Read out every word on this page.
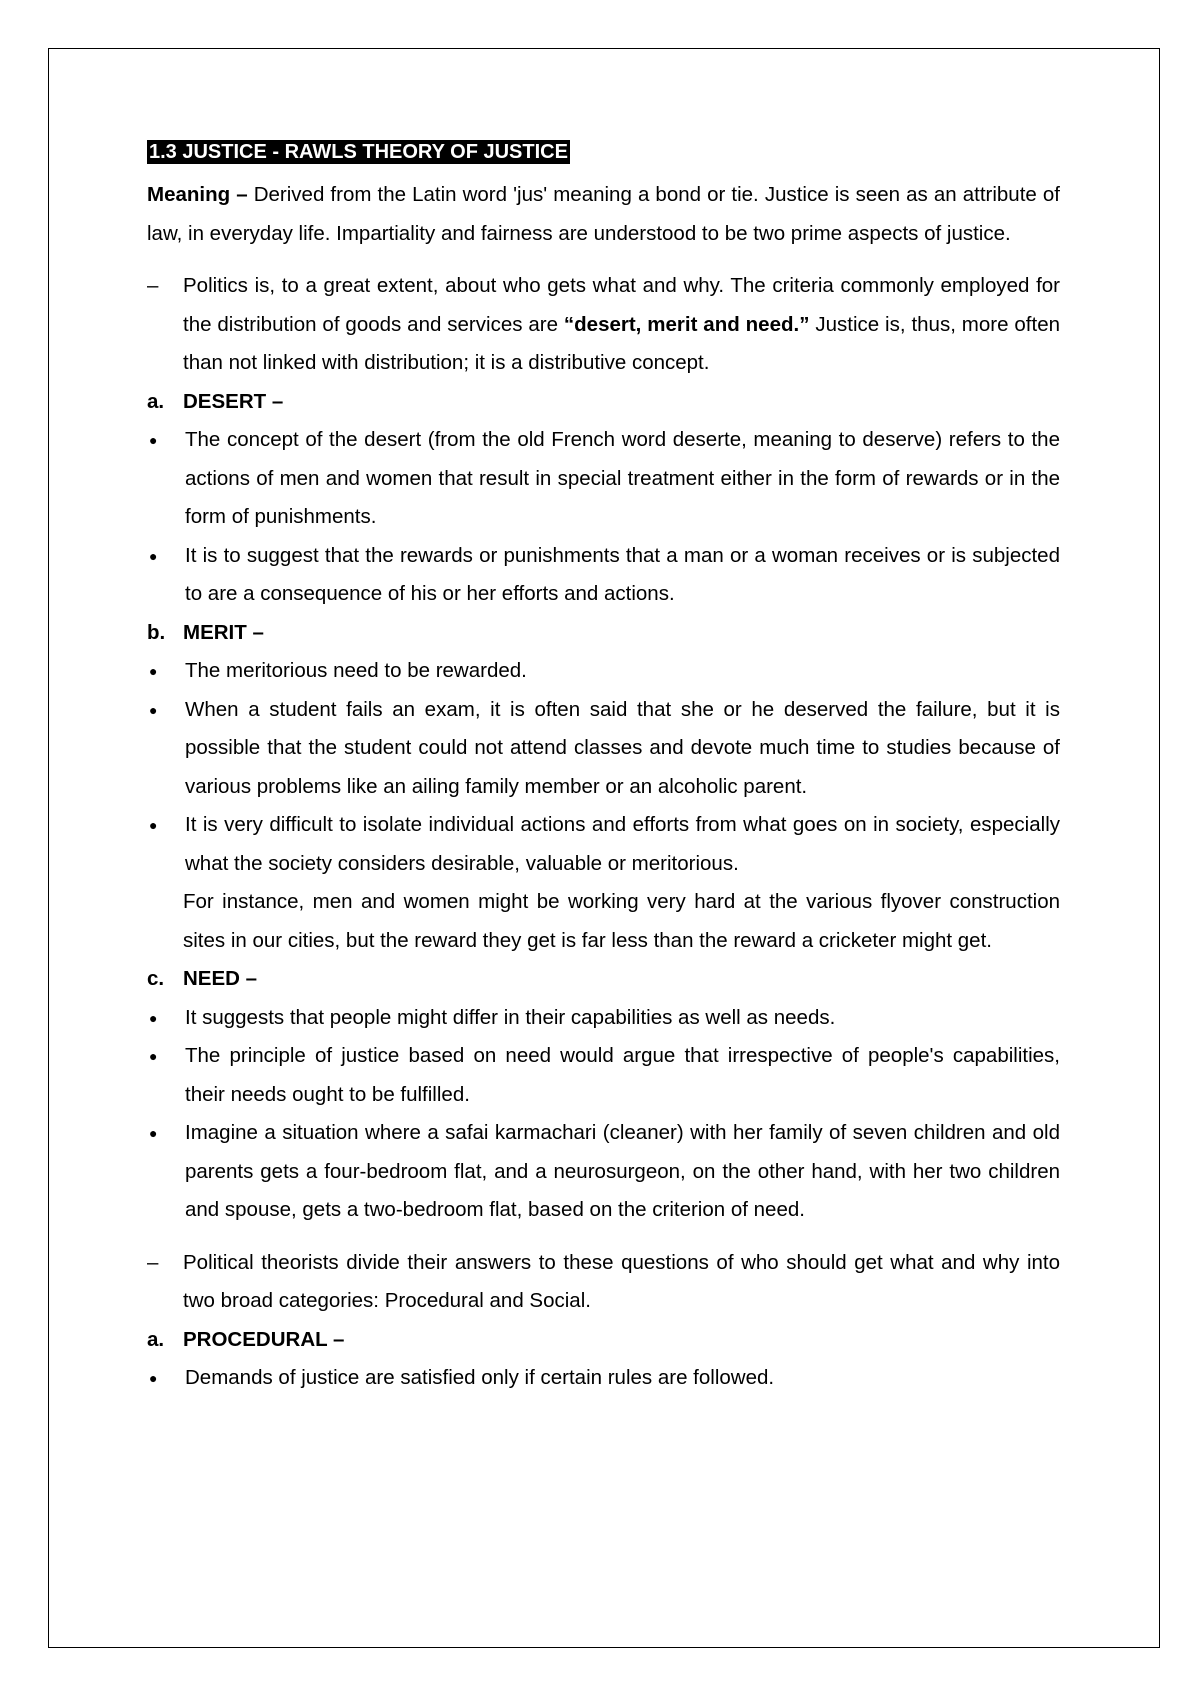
1.3 JUSTICE - RAWLS THEORY OF JUSTICE

Meaning – Derived from the Latin word 'jus' meaning a bond or tie. Justice is seen as an attribute of law, in everyday life. Impartiality and fairness are understood to be two prime aspects of justice.

–	Politics is, to a great extent, about who gets what and why. The criteria commonly employed for the distribution of goods and services are “desert, merit and need.” Justice is, thus, more often than not linked with distribution; it is a distributive concept.
a. DESERT –
●	The concept of the desert (from the old French word deserte, meaning to deserve) refers to the actions of men and women that result in special treatment either in the form of rewards or in the form of punishments.
●	It is to suggest that the rewards or punishments that a man or a woman receives or is subjected to are a consequence of his or her efforts and actions.
b. MERIT –
●	The meritorious need to be rewarded.
●	When a student fails an exam, it is often said that she or he deserved the failure, but it is possible that the student could not attend classes and devote much time to studies because of various problems like an ailing family member or an alcoholic parent.
●	It is very difficult to isolate individual actions and efforts from what goes on in society, especially what the society considers desirable, valuable or meritorious.

For instance, men and women might be working very hard at the various flyover construction sites in our cities, but the reward they get is far less than the reward a cricketer might get.

c. NEED –
●	It suggests that people might differ in their capabilities as well as needs.
●	The principle of justice based on need would argue that irrespective of people's capabilities, their needs ought to be fulfilled.
●	Imagine a situation where a safai karmachari (cleaner) with her family of seven children and old parents gets a four-bedroom flat, and a neurosurgeon, on the other hand, with her two children and spouse, gets a two-bedroom flat, based on the criterion of need.
–	Political theorists divide their answers to these questions of who should get what and why into two broad categories: Procedural and Social.
a. PROCEDURAL –
●	Demands of justice are satisfied only if certain rules are followed.
